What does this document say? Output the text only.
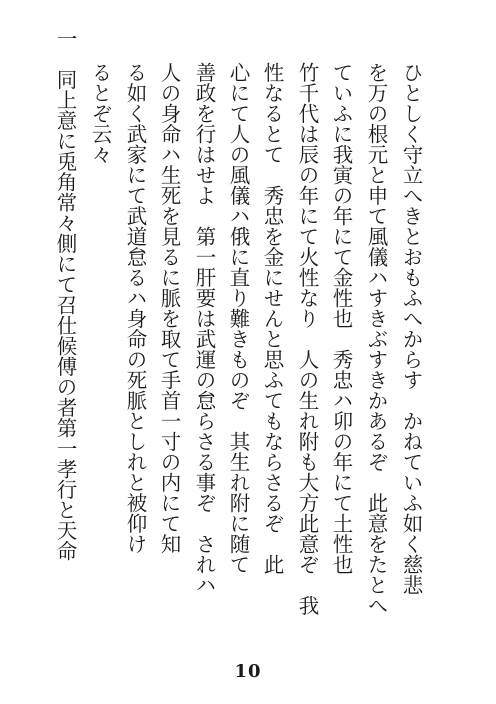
ひとしく守立へきとおもふへからす　かねていふ如く慈悲
を万の根元と申て風儀ハすきぶすきかあるぞ　此意をたとへ
ていふに我寅の年にて金性也　秀忠ハ卯の年にて土性也
竹千代は辰の年にて火性なり　人の生れ附も大方此意ぞ　我
性なるとて　秀忠を金にせんと思ふてもならさるぞ　此
心にて人の風儀ハ俄に直り難きものぞ　其生れ附に随て
善政を行はせよ　第一肝要は武運の怠らさる事ぞ　されハ
人の身命ハ生死を見るに脈を取て手首一寸の内にて知
る如く武家にて武道怠るハ身命の死脈としれと被仰け
るとぞ云々
一　同上意に兎角常々側にて召仕候傅の者第一孝行と天命
10
